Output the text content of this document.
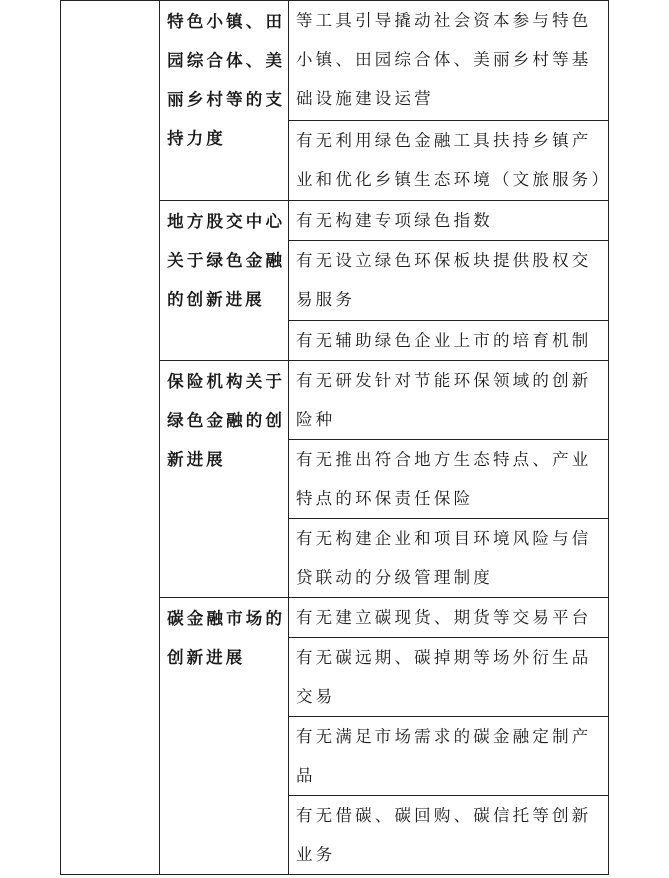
	特色小镇、田园综合体、美丽乡村等的支持力度	等工具引导撬动社会资本参与特色小镇、田园综合体、美丽乡村等基础设施建设运营

		有无利用绿色金融工具扶持乡镇产业和优化乡镇生态环境（文旅服务）

	地方股交中心关于绿色金融的创新进展	有无构建专项绿色指数

		有无设立绿色环保板块提供股权交易服务

		有无辅助绿色企业上市的培育机制

	保险机构关于绿色金融的创新进展	有无研发针对节能环保领域的创新险种

		有无推出符合地方生态特点、产业特点的环保责任保险

		有无构建企业和项目环境风险与信贷联动的分级管理制度

	碳金融市场的创新进展	有无建立碳现货、期货等交易平台

		有无碳远期、碳掉期等场外衍生品交易

		有无满足市场需求的碳金融定制产品

		有无借碳、碳回购、碳信托等创新业务
